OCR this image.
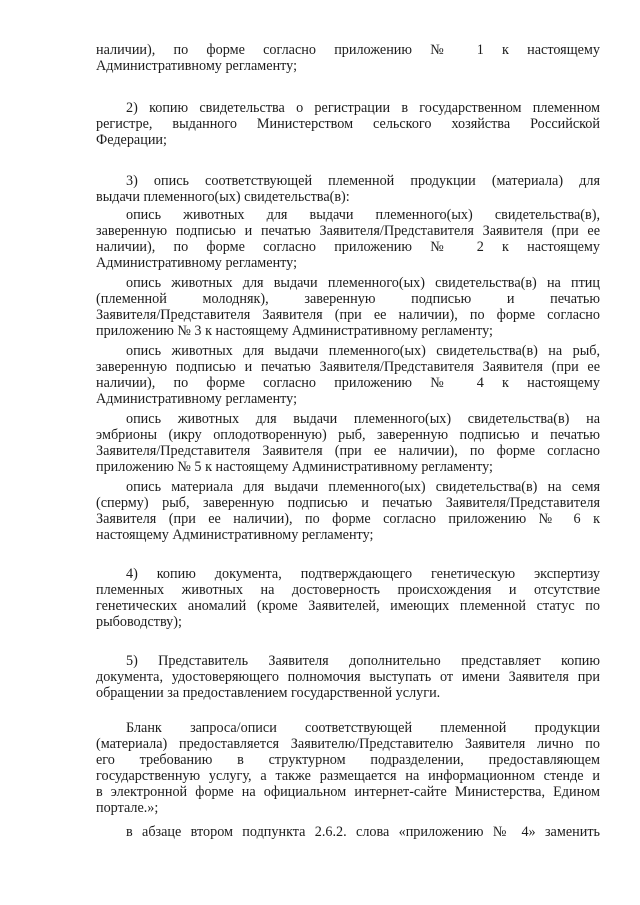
наличии), по форме согласно приложению № 1 к настоящему
Административному регламенту;
2) копию свидетельства о регистрации в государственном племенном
регистре, выданного Министерством сельского хозяйства Российской
Федерации;
3) опись соответствующей племенной продукции (материала) для
выдачи племенного(ых) свидетельства(в):
опись животных для выдачи племенного(ых) свидетельства(в),
заверенную подписью и печатью Заявителя/Представителя Заявителя (при ее
наличии), по форме согласно приложению № 2 к настоящему
Административному регламенту;
опись животных для выдачи племенного(ых) свидетельства(в) на птиц
(племенной молодняк), заверенную подписью и печатью
Заявителя/Представителя Заявителя (при ее наличии), по форме согласно
приложению № 3 к настоящему Административному регламенту;
опись животных для выдачи племенного(ых) свидетельства(в) на рыб,
заверенную подписью и печатью Заявителя/Представителя Заявителя (при ее
наличии), по форме согласно приложению № 4 к настоящему
Административному регламенту;
опись животных для выдачи племенного(ых) свидетельства(в) на
эмбрионы (икру оплодотворенную) рыб, заверенную подписью и печатью
Заявителя/Представителя Заявителя (при ее наличии), по форме согласно
приложению № 5 к настоящему Административному регламенту;
опись материала для выдачи племенного(ых) свидетельства(в) на семя
(сперму) рыб, заверенную подписью и печатью Заявителя/Представителя
Заявителя (при ее наличии), по форме согласно приложению № 6 к
настоящему Административному регламенту;
4) копию документа, подтверждающего генетическую экспертизу
племенных животных на достоверность происхождения и отсутствие
генетических аномалий (кроме Заявителей, имеющих племенной статус по
рыбоводству);
5) Представитель Заявителя дополнительно представляет копию
документа, удостоверяющего полномочия выступать от имени Заявителя при
обращении за предоставлением государственной услуги.
Бланк запроса/описи соответствующей племенной продукции
(материала) предоставляется Заявителю/Представителю Заявителя лично по
его требованию в структурном подразделении, предоставляющем
государственную услугу, а также размещается на информационном стенде и
в электронной форме на официальном интернет-сайте Министерства, Едином
портале.»;
в абзаце втором подпункта 2.6.2. слова «приложению № 4» заменить
